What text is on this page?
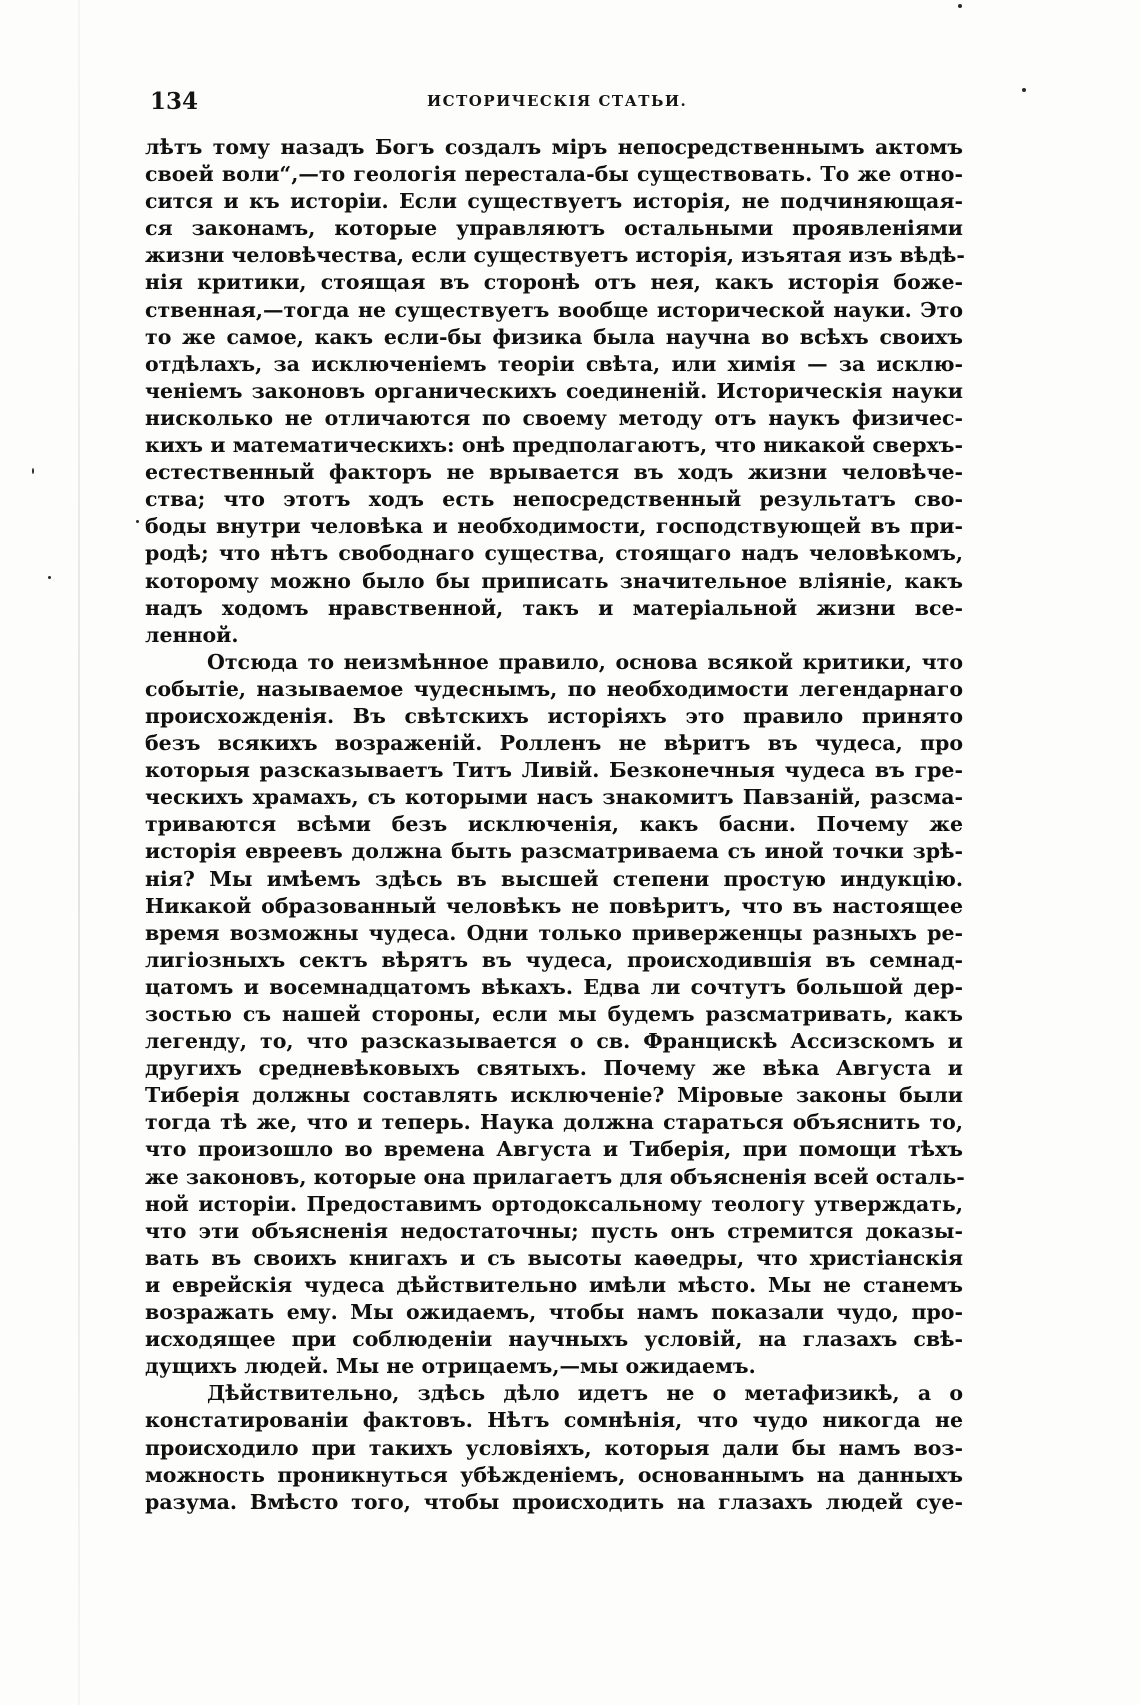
134	ИСТОРИЧЕСКІЯ СТАТЬИ.
лѣтъ тому назадъ Богъ создалъ міръ непосредственнымъ актомъ
своей воли“,—то геологія перестала-бы существовать. То же отно-
сится и къ исторіи. Если существуетъ исторія, не подчиняющая-
ся законамъ, которые управляютъ остальными проявленіями
жизни человѣчества, если существуетъ исторія, изъятая изъ вѣдѣ-
нія критики, стоящая въ сторонѣ отъ нея, какъ исторія боже-
ственная,—тогда не существуетъ вообще исторической науки. Это
то же самое, какъ если-бы физика была научна во всѣхъ своихъ
отдѣлахъ, за исключеніемъ теоріи свѣта, или химія — за исклю-
ченіемъ законовъ органическихъ соединеній. Историческія науки
нисколько не отличаются по своему методу отъ наукъ физичес-
кихъ и математическихъ: онѣ предполагаютъ, что никакой сверхъ-
естественный факторъ не врывается въ ходъ жизни человѣче-
ства; что этотъ ходъ есть непосредственный результатъ сво-
боды внутри человѣка и необходимости, господствующей въ при-
родѣ; что нѣтъ свободнаго существа, стоящаго надъ человѣкомъ,
которому можно было бы приписать значительное вліяніе, какъ
надъ ходомъ нравственной, такъ и матеріальной жизни все-
ленной.
Отсюда то неизмѣнное правило, основа всякой критики, что
событіе, называемое чудеснымъ, по необходимости легендарнаго
происхожденія. Въ свѣтскихъ исторіяхъ это правило принято
безъ всякихъ возраженій. Ролленъ не вѣритъ въ чудеса, про
которыя разсказываетъ Титъ Ливій. Безконечныя чудеса въ гре-
ческихъ храмахъ, съ которыми насъ знакомитъ Павзаній, разсма-
триваются всѣми безъ исключенія, какъ басни. Почему же
исторія евреевъ должна быть разсматриваема съ иной точки зрѣ-
нія? Мы имѣемъ здѣсь въ высшей степени простую индукцію.
Никакой образованный человѣкъ не повѣритъ, что въ настоящее
время возможны чудеса. Одни только приверженцы разныхъ ре-
лигіозныхъ сектъ вѣрятъ въ чудеса, происходившія въ семнад-
цатомъ и восемнадцатомъ вѣкахъ. Едва ли сочтутъ большой дер-
зостью съ нашей стороны, если мы будемъ разсматривать, какъ
легенду, то, что разсказывается о св. Францискѣ Ассизскомъ и
другихъ средневѣковыхъ святыхъ. Почему же вѣка Августа и
Тиберія должны составлять исключеніе? Міровые законы были
тогда тѣ же, что и теперь. Наука должна стараться объяснить то,
что произошло во времена Августа и Тиберія, при помощи тѣхъ
же законовъ, которые она прилагаетъ для объясненія всей осталь-
ной исторіи. Предоставимъ ортодоксальному теологу утверждать,
что эти объясненія недостаточны; пусть онъ стремится доказы-
вать въ своихъ книгахъ и съ высоты каѳедры, что христіанскія
и еврейскія чудеса дѣйствительно имѣли мѣсто. Мы не станемъ
возражать ему. Мы ожидаемъ, чтобы намъ показали чудо, про-
исходящее при соблюденіи научныхъ условій, на глазахъ свѣ-
дущихъ людей. Мы не отрицаемъ,—мы ожидаемъ.
Дѣйствительно, здѣсь дѣло идетъ не о метафизикѣ, а о
констатированіи фактовъ. Нѣтъ сомнѣнія, что чудо никогда не
происходило при такихъ условіяхъ, которыя дали бы намъ воз-
можность проникнуться убѣжденіемъ, основаннымъ на данныхъ
разума. Вмѣсто того, чтобы происходить на глазахъ людей суе-
